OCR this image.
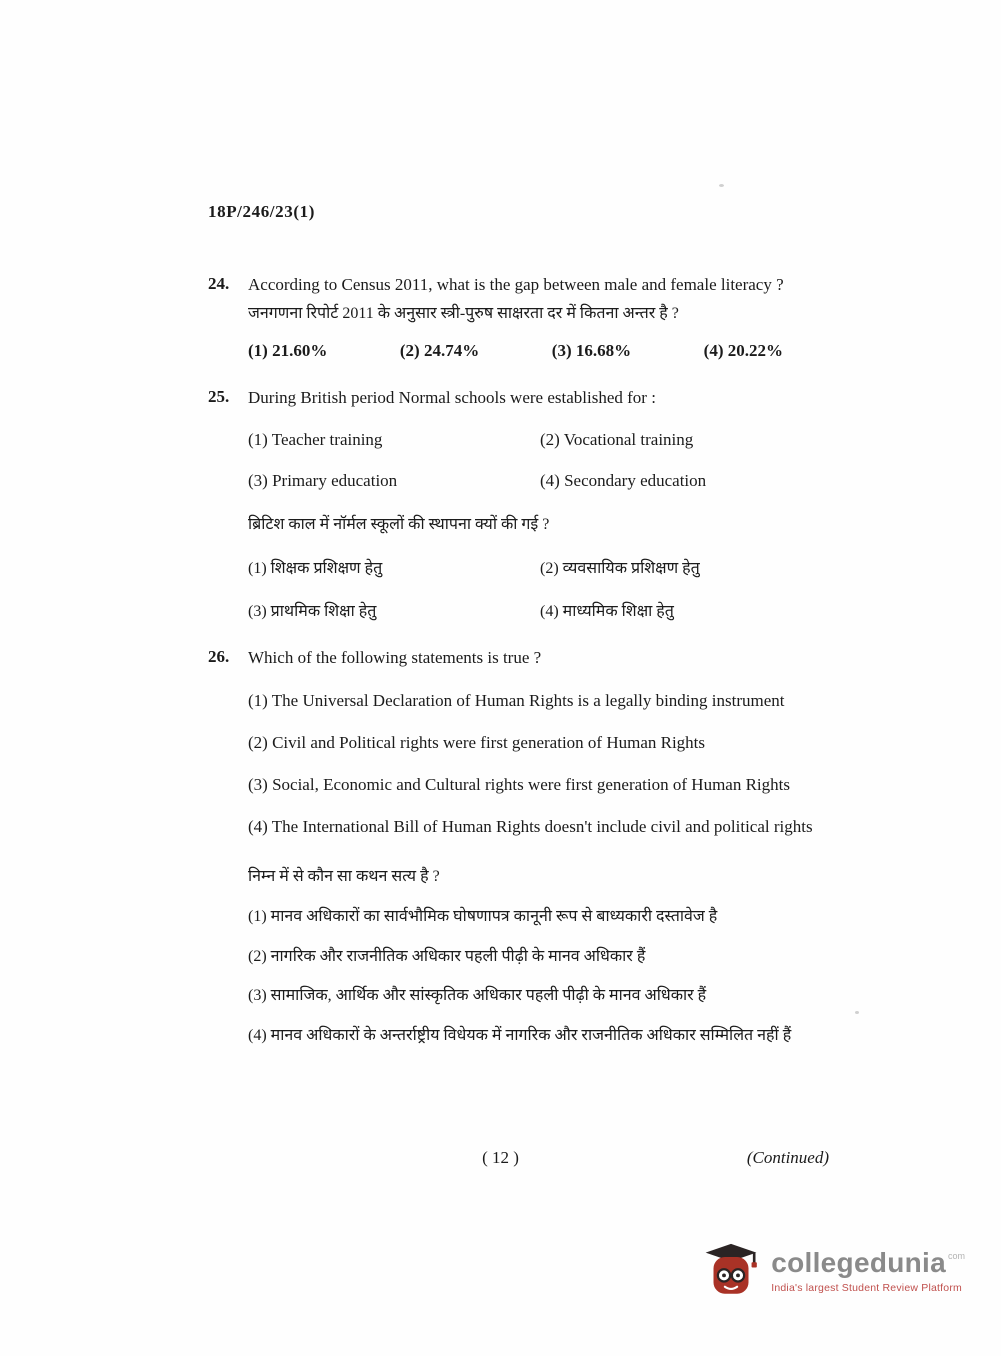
18P/246/23(1)
24.	According to Census 2011, what is the gap between male and female literacy ?

जनगणना रिपोर्ट 2011 के अनुसार स्त्री-पुरुष साक्षरता दर में कितना अन्तर है ?

(1) 21.60%	(2) 24.74%	(3) 16.68%	(4) 20.22%
25.	During British period Normal schools were established for :

(1) Teacher training	(2) Vocational training
(3) Primary education	(4) Secondary education

ब्रिटिश काल में नॉर्मल स्कूलों की स्थापना क्यों की गई ?

(1) शिक्षक प्रशिक्षण हेतु	(2) व्यवसायिक प्रशिक्षण हेतु
(3) प्राथमिक शिक्षा हेतु	(4) माध्यमिक शिक्षा हेतु
26.	Which of the following statements is true ?

(1) The Universal Declaration of Human Rights is a legally binding instrument

(2) Civil and Political rights were first generation of Human Rights

(3) Social, Economic and Cultural rights were first generation of Human Rights

(4) The International Bill of Human Rights doesn't include civil and political rights

निम्न में से कौन सा कथन सत्य है ?

(1) मानव अधिकारों का सार्वभौमिक घोषणापत्र कानूनी रूप से बाध्यकारी दस्तावेज है

(2) नागरिक और राजनीतिक अधिकार पहली पीढ़ी के मानव अधिकार हैं

(3) सामाजिक, आर्थिक और सांस्कृतिक अधिकार पहली पीढ़ी के मानव अधिकार हैं

(4) मानव अधिकारों के अन्तर्राष्ट्रीय विधेयक में नागरिक और राजनीतिक अधिकार सम्मिलित नहीं हैं

( 12 )	(Continued)
collegedunia com
India's largest Student Review Platform
